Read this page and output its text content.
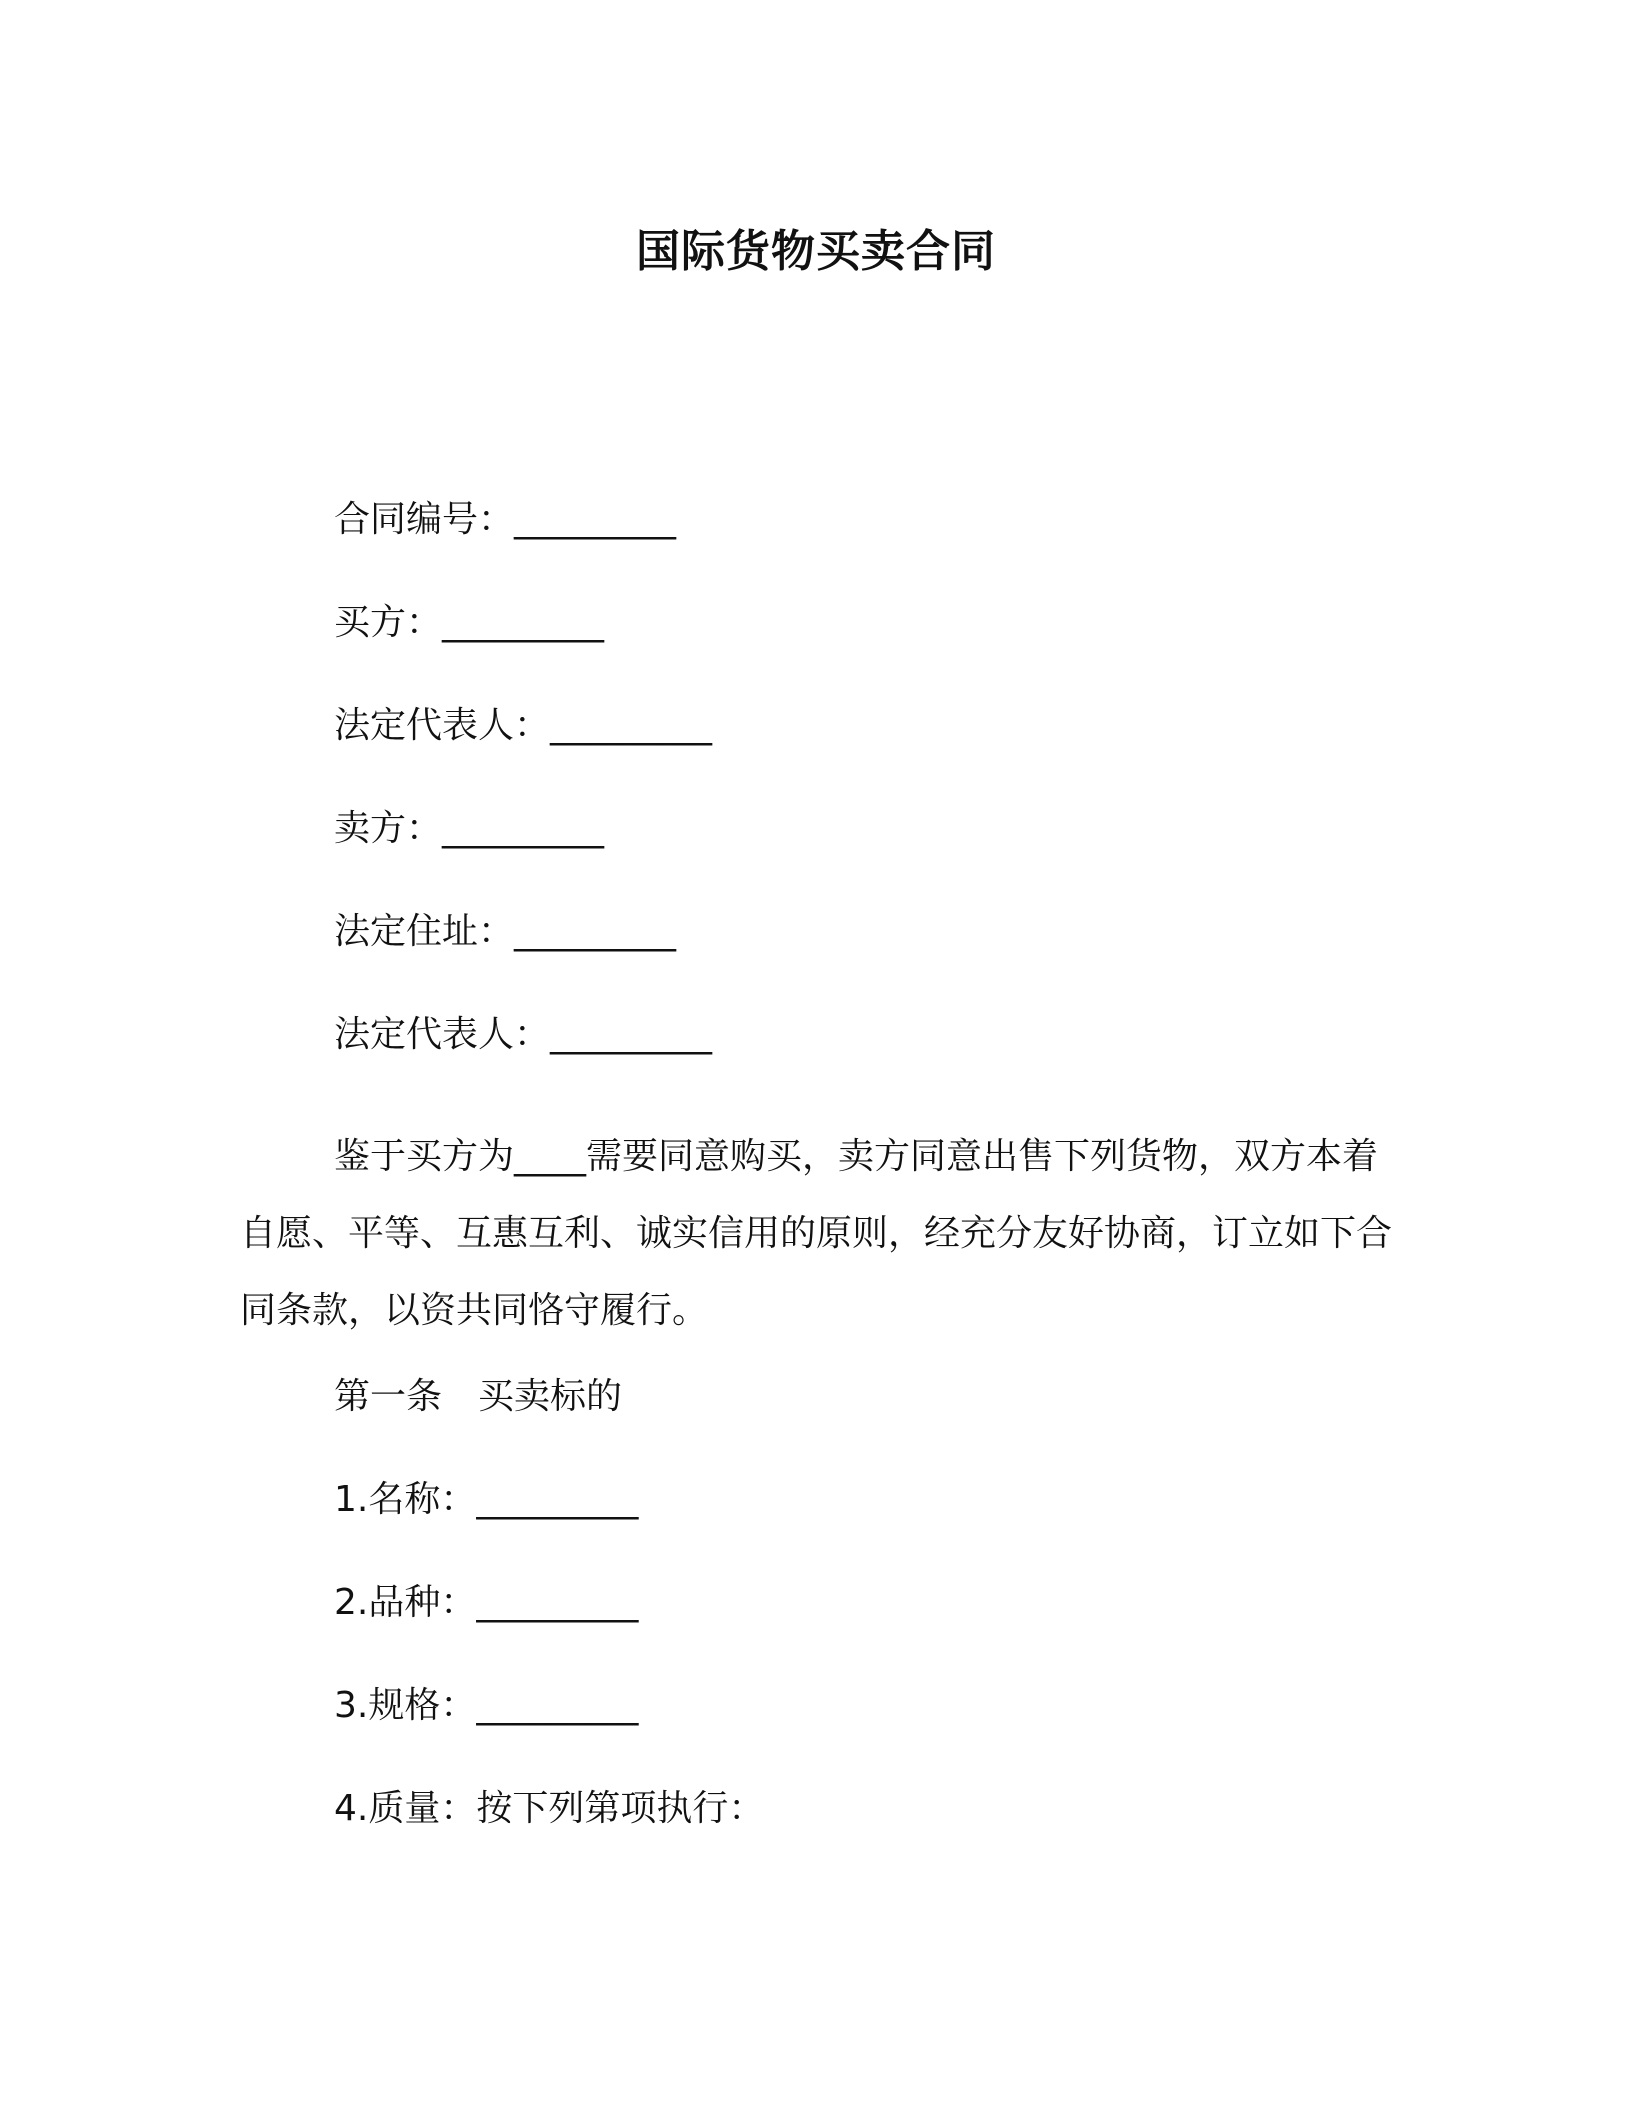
国际货物买卖合同
合同编号：_________
买方：_________
法定代表人：_________
卖方：_________
法定住址：_________
法定代表人：_________
鉴于买方为____需要同意购买，卖方同意出售下列货物，双方本着自愿、平等、互惠互利、诚实信用的原则，经充分友好协商，订立如下合同条款，以资共同恪守履行。
第一条　买卖标的
1.名称：_________
2.品种：_________
3.规格：_________
4.质量：按下列第项执行：
